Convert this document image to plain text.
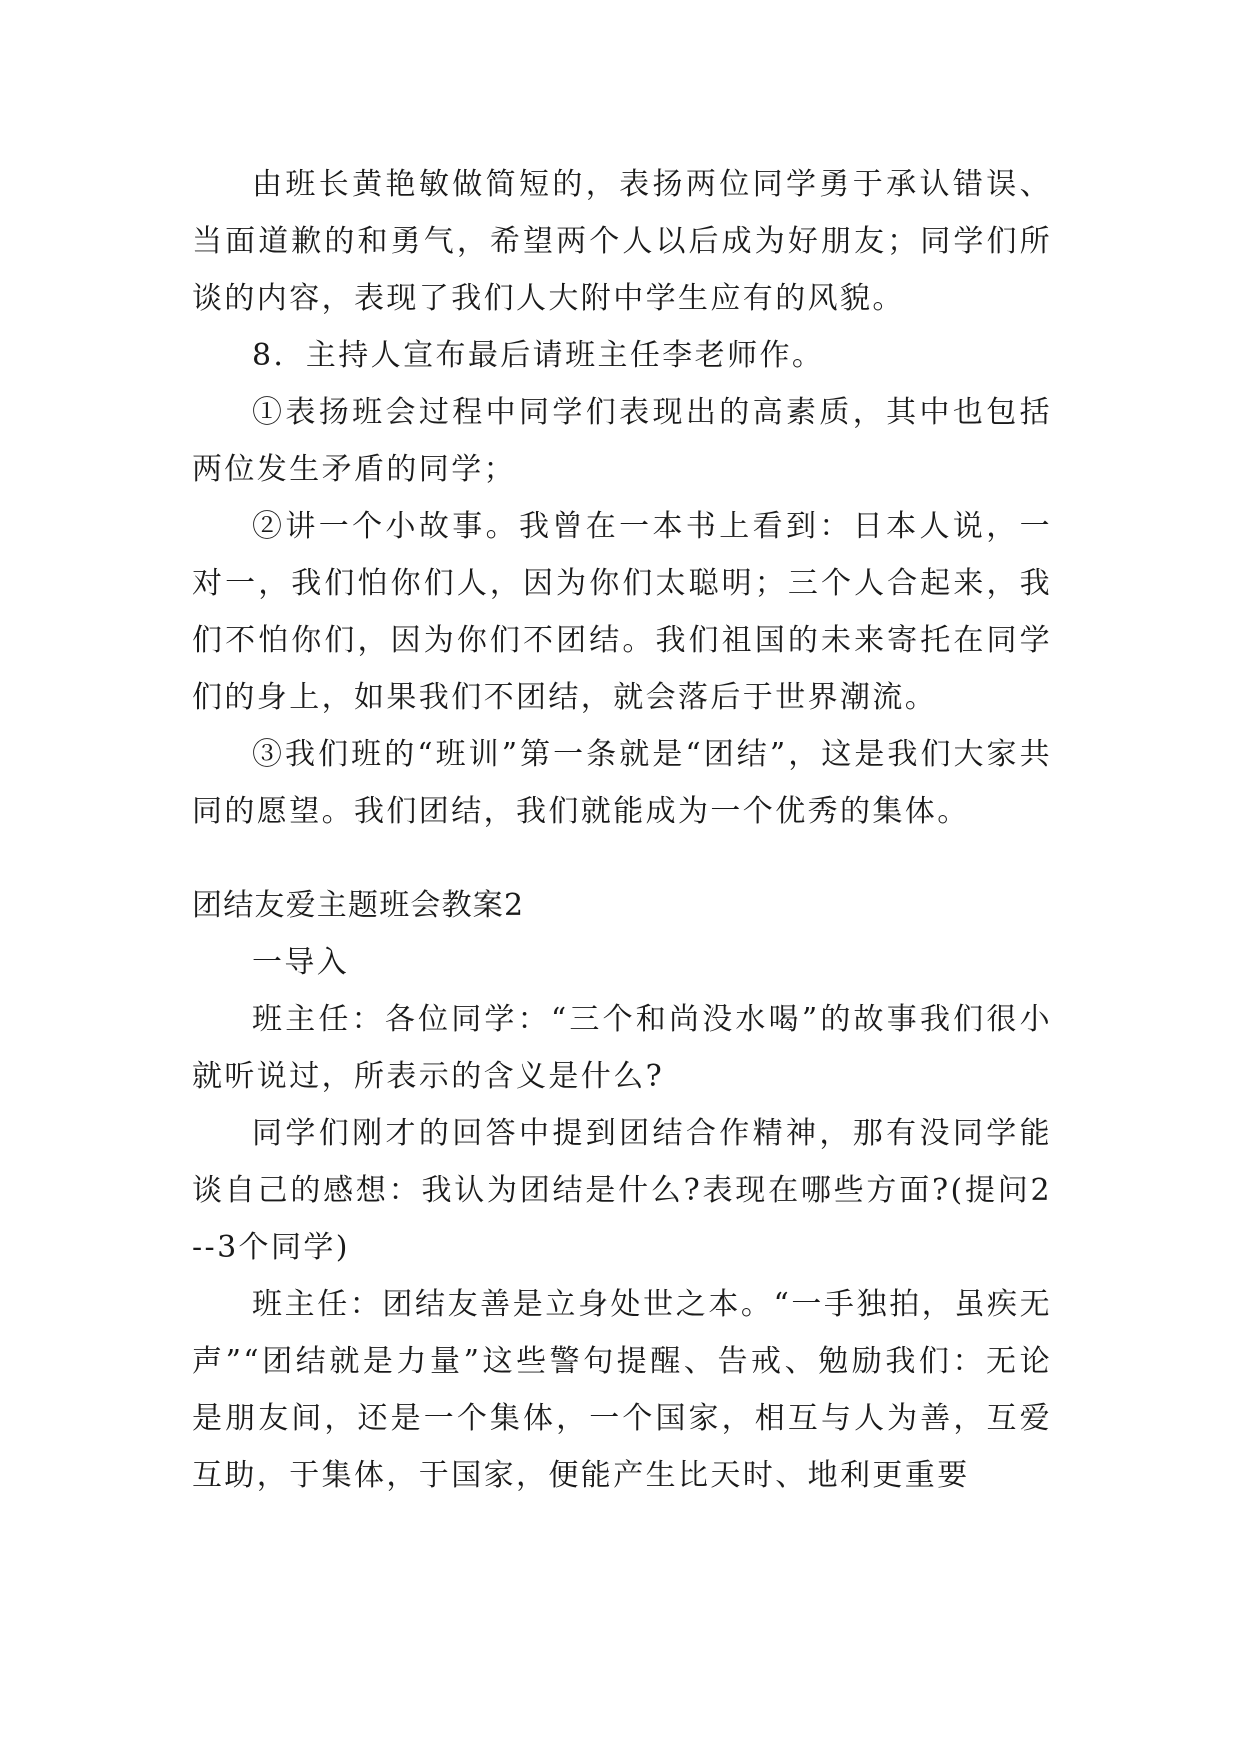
由班长黄艳敏做简短的，表扬两位同学勇于承认错误、当面道歉的和勇气，希望两个人以后成为好朋友；同学们所谈的内容，表现了我们人大附中学生应有的风貌。

8．主持人宣布最后请班主任李老师作。

①表扬班会过程中同学们表现出的高素质，其中也包括两位发生矛盾的同学；

②讲一个小故事。我曾在一本书上看到：日本人说，一对一，我们怕你们人，因为你们太聪明；三个人合起来，我们不怕你们，因为你们不团结。我们祖国的未来寄托在同学们的身上，如果我们不团结，就会落后于世界潮流。

③我们班的“班训”第一条就是“团结”，这是我们大家共同的愿望。我们团结，我们就能成为一个优秀的集体。

团结友爱主题班会教案2

一导入

班主任：各位同学：“三个和尚没水喝”的故事我们很小就听说过，所表示的含义是什么?

同学们刚才的回答中提到团结合作精神，那有没同学能谈自己的感想：我认为团结是什么?表现在哪些方面?(提问2--3个同学)

班主任：团结友善是立身处世之本。“一手独拍，虽疾无声”“团结就是力量”这些警句提醒、告戒、勉励我们：无论是朋友间，还是一个集体，一个国家，相互与人为善，互爱互助，于集体，于国家，便能产生比天时、地利更重要
